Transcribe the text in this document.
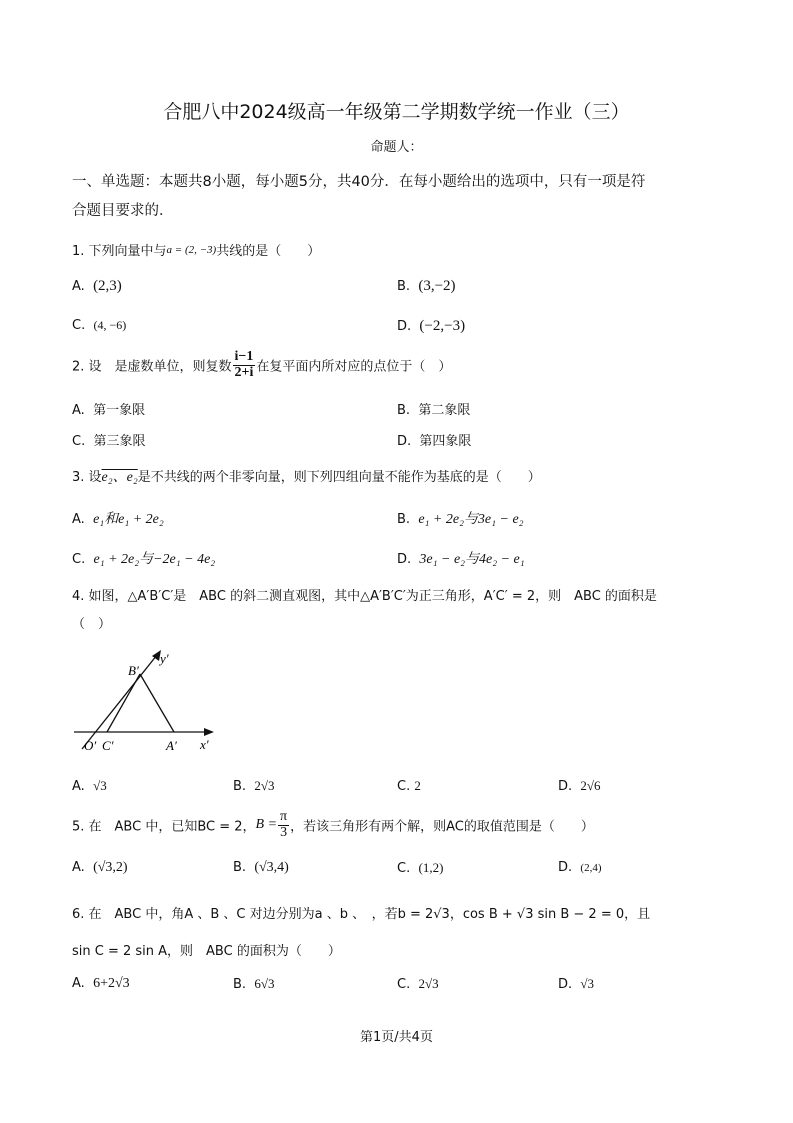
合肥八中2024级高一年级第二学期数学统一作业（三）
命题人：
一、单选题：本题共8小题，每小题5分，共40分．在每小题给出的选项中，只有一项是符
合题目要求的．
1. 下列向量中与a = (2, −3)共线的是（　　）
A.  (2,3)	B.  (3,−2)
C.  (4, −6)	D.  (−2,−3)
2. 设　是虚数单位，则复数 $\frac{i-1}{2+i}$ 在复平面内所对应的点位于（　）
A.  第一象限	B.  第二象限
C.  第三象限	D.  第四象限
3. 设e₂、e₂是不共线的两个非零向量，则下列四组向量不能作为基底的是（　　）
A.  e₁和e₁ + 2e₂	B.  e₁ + 2e₂与3e₁ − e₂
C.  e₁ + 2e₂与−2e₁ − 4e₂	D.  3e₁ − e₂与4e₂ − e₁
4. 如图，△A′B′C′是　ABC 的斜二测直观图，其中△A′B′C′为正三角形，A′C′ = 2，则　ABC 的面积是
（　）
B′
y′
O′ C′	A′ x′
A.  √3	B.  2√3	C. 2	D.  2√6
5. 在　ABC 中，已知BC = 2，$B = \frac{\pi}{3}$ ，若该三角形有两个解，则AC的取值范围是（　　）
A.  (√3,2)	B.  (√3,4)	C.  (1,2)	D.  (2,4)
6. 在　ABC 中，角A 、B 、C 对边分别为a 、b 、　，若b = 2√3，cos B + √3 sin B − 2 = 0，且
sin C = 2 sin A，则　ABC 的面积为（　　）
A.  6+2√3	B.  6√3	C.  2√3	D.  √3
第1页/共4页
